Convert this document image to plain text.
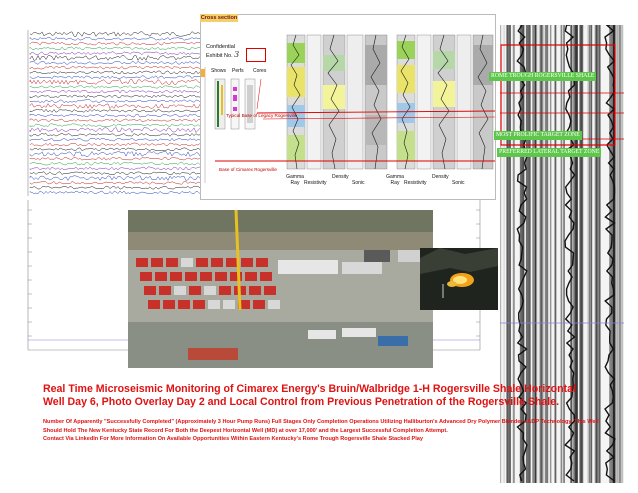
Cross section
Confidential
Exhibit No. 3
Shows Perfs Cores
Typical Base of Legacy Rogersville
Base of Cimarex Rogersville
Gamma Ray Resistivity
Density
Sonic
Gamma Ray Resistivity
Density
Sonic
ROME TROUGH ROGERSVILLE SHALE
MOST PROLIFIC TARGET ZONE
PREFERRED LATERAL TARGET ZONE
Real Time Microseismic Monitoring of Cimarex Energy's Bruin/Walbridge 1-H Rogersville Shale Horizontal Well Day 6, Photo Overlay Day 2 and Local Control from Previous Penetration of the Rogersville Shale.
Number Of Apparently "Successfully Completed" (Approximately 3 Hour Pump Runs) Full Stages Only Completion Operations Utilizing Halliburton's Advanced Dry Polymer Blender eADP Technology. This Well Should Hold The New Kentucky State Record For Both the Deepest Horizontal Well (MD) at over 17,000' and the Largest Successful Completion Attempt.
Contact Via LinkedIn For More Information On Available Opportunities Within Eastern Kentucky's Rome Trough Rogersville Shale Stacked Play
